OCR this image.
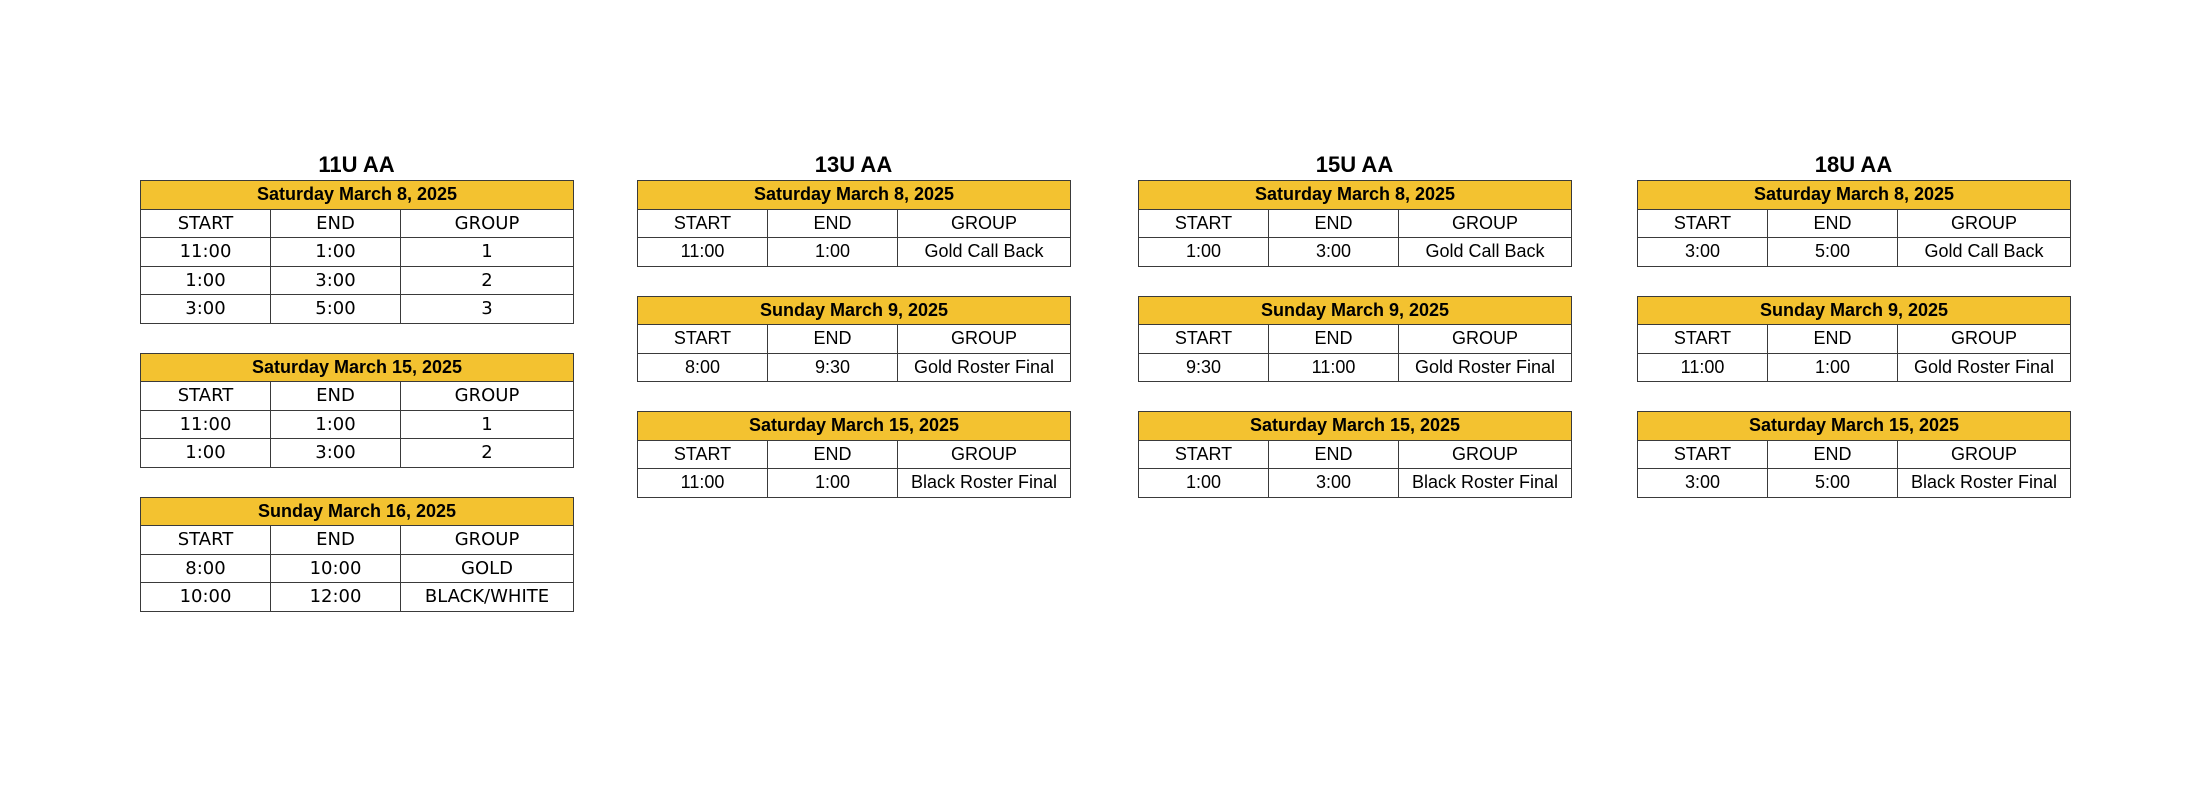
11U AA
Saturday March 8, 2025		
START	END	GROUP
11:00	1:00	1
1:00	3:00	2
3:00	5:00	3
Saturday March 15, 2025		
START	END	GROUP
11:00	1:00	1
1:00	3:00	2
Sunday March 16, 2025		
START	END	GROUP
8:00	10:00	GOLD
10:00	12:00	BLACK/WHITE
13U AA
Saturday March 8, 2025		
START	END	GROUP
11:00	1:00	Gold Call Back
Sunday March 9, 2025		
START	END	GROUP
8:00	9:30	Gold Roster Final
Saturday March 15, 2025		
START	END	GROUP
11:00	1:00	Black Roster Final
15U AA
Saturday March 8, 2025		
START	END	GROUP
1:00	3:00	Gold Call Back
Sunday March 9, 2025		
START	END	GROUP
9:30	11:00	Gold Roster Final
Saturday March 15, 2025		
START	END	GROUP
1:00	3:00	Black Roster Final
18U AA
Saturday March 8, 2025		
START	END	GROUP
3:00	5:00	Gold Call Back
Sunday March 9, 2025		
START	END	GROUP
11:00	1:00	Gold Roster Final
Saturday March 15, 2025		
START	END	GROUP
3:00	5:00	Black Roster Final
